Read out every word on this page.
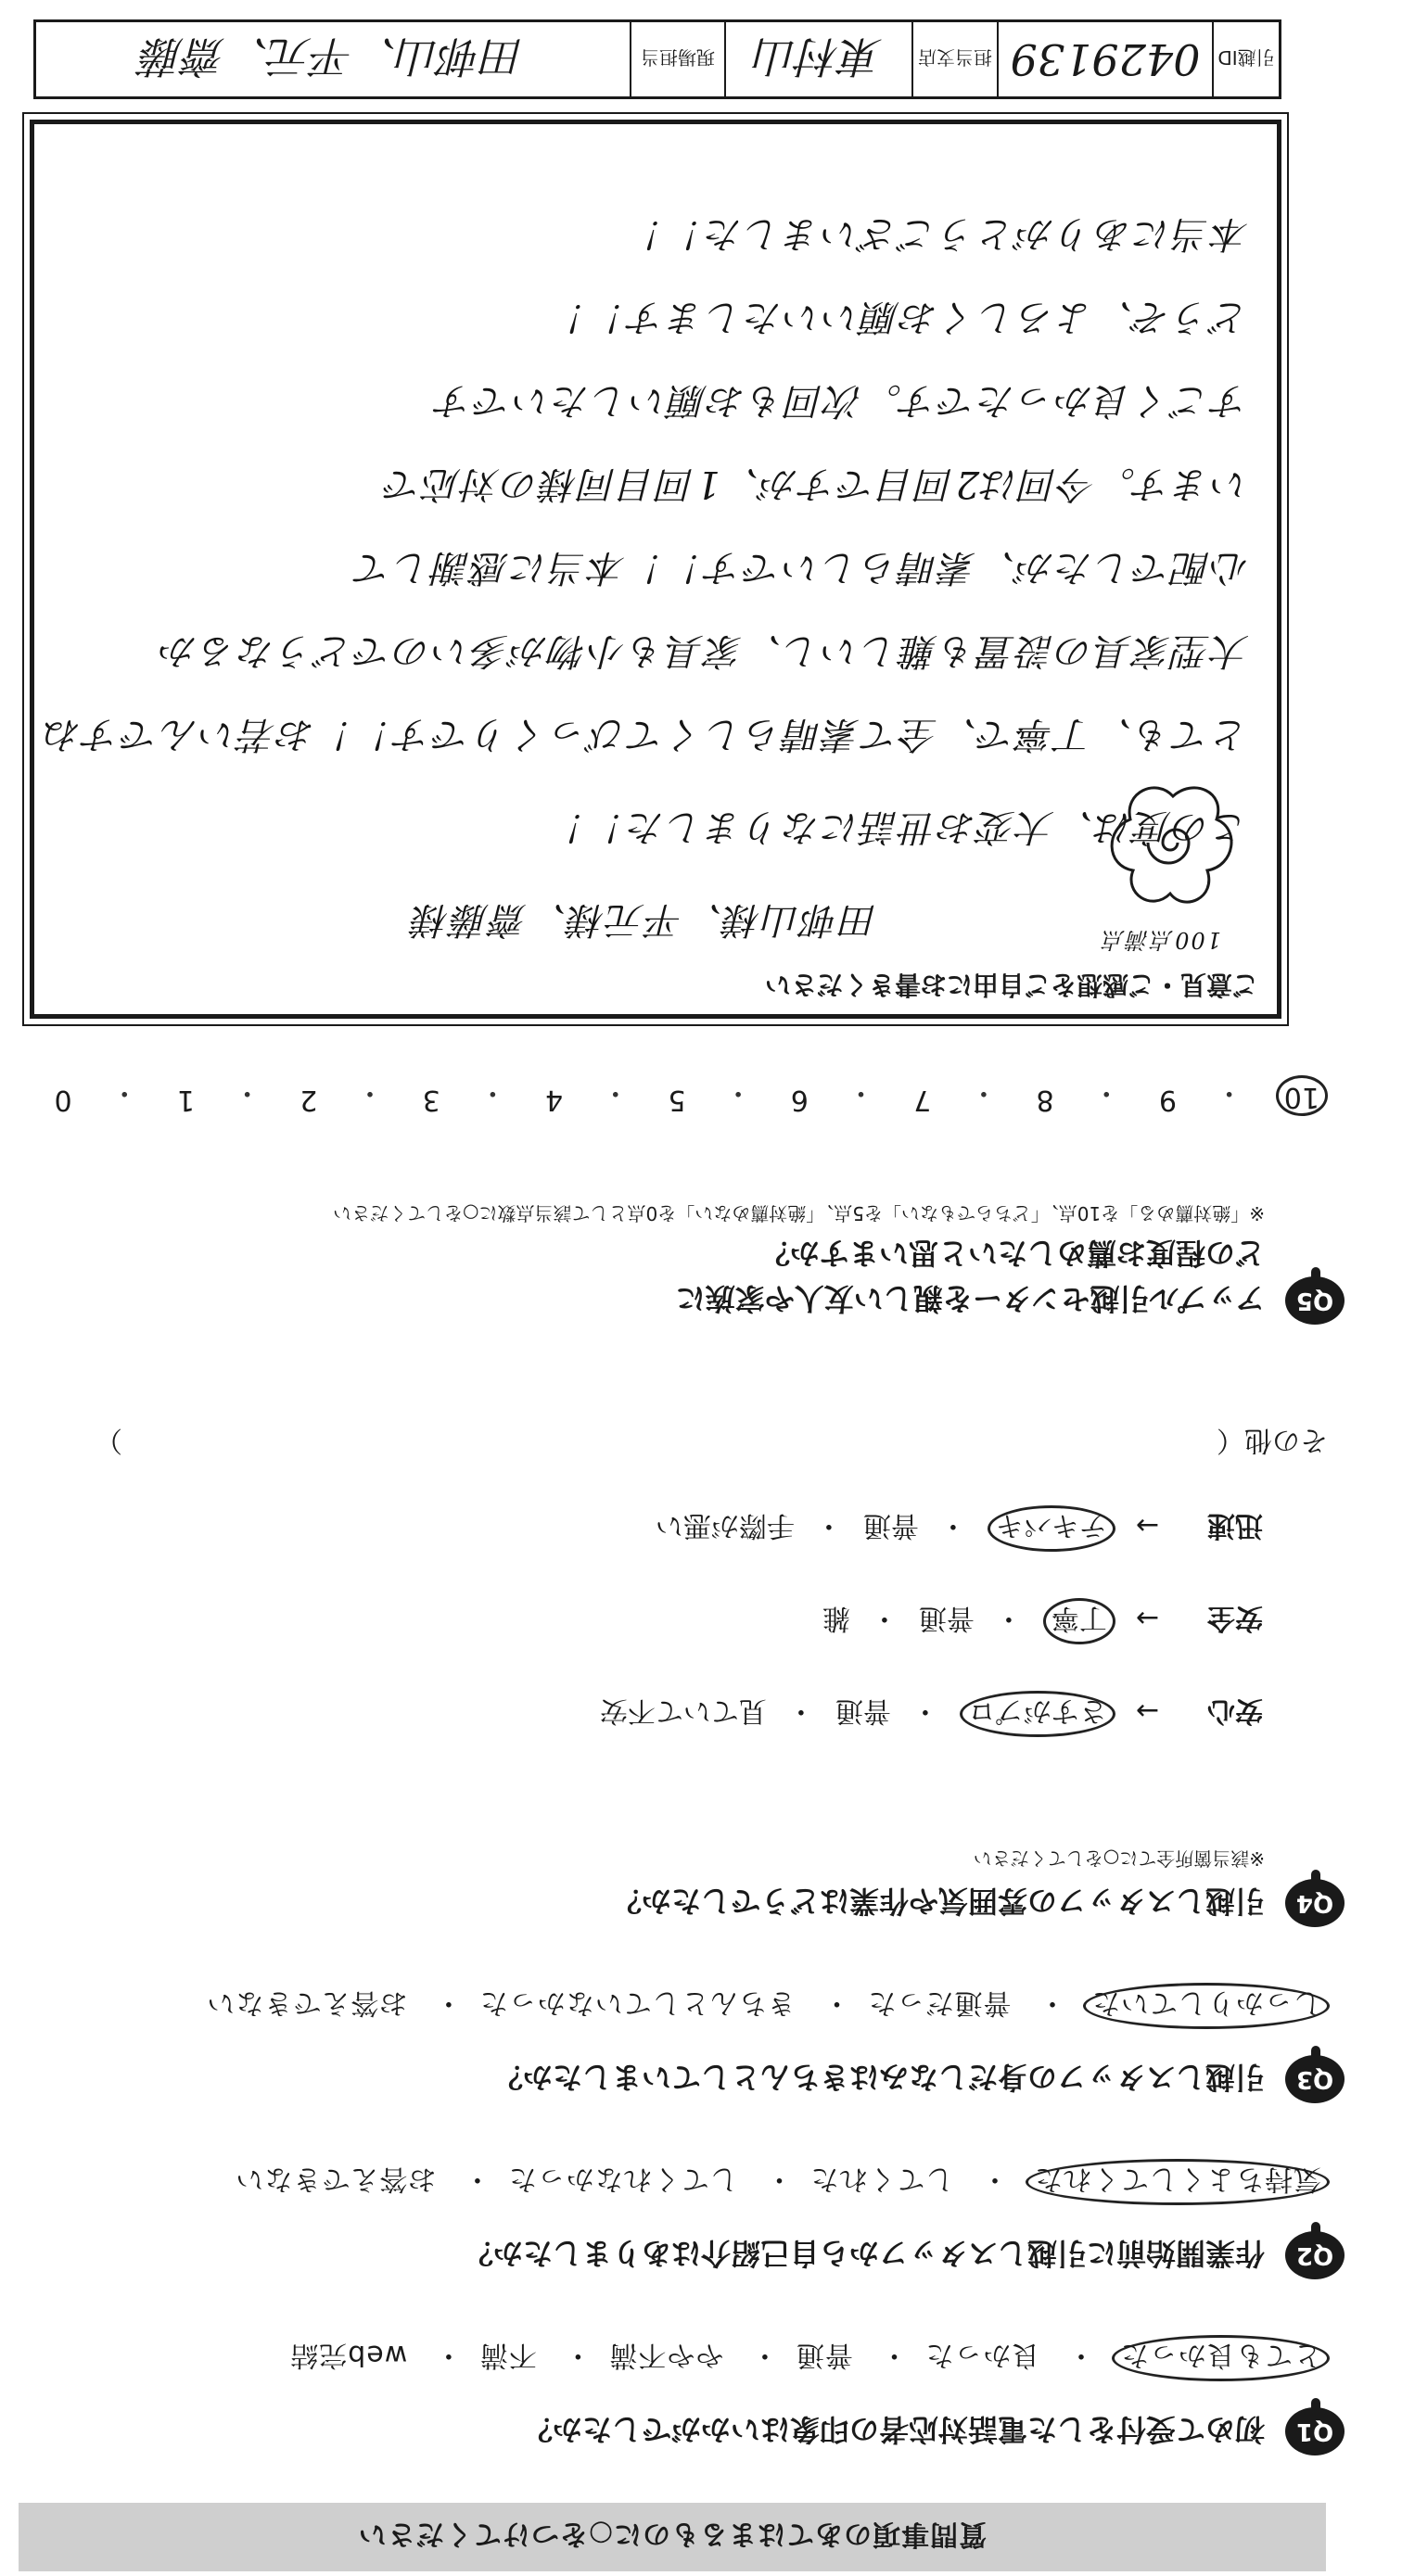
質問事項のあてはまるものに○をつけてください
Q1
初めて受付をした電話対応者の印象はいかがでしたか？
とても良かった・ 良かった・ 普通・ やや不満・ 不満・ web完結
Q2
作業開始前に引越しスタッフから自己紹介はありましたか？
気持ちよくしてくれた・ してくれた・ してくれなかった・ お答えできない
Q3
引越しスタッフの身だしなみはきちんとしていましたか？
しっかりしていた・ 普通だった・ きちんとしていなかった・ お答えできない
Q4
引越しスタッフの雰囲気や作業はどうでしたか？
※該当箇所全てに○をしてください
安心→さすがプロ・普通・見ていて不安
安全→丁寧・普通・雑
迅速→テキパキ・普通・手際が悪い
その他（
）
Q5
アップル引越センターを親しい友人や家族に
どの程度お薦めしたいと思いますか？
※「絶対薦める」を10点、「どちらでもない」を5点、「絶対薦めない」を0点として該当点数に○をしてください
10
・
9
・
8
・
7
・
6
・
5
・
4
・
3
・
2
・
1
・
0
ご意見・ご感想をご自由にお書きください
100点満点
田邨山様、平元様、齋藤様
この度は、大変お世話になりました！！
とても、丁寧で、全て素晴らしくてびっくりです！！お若いんですね
大型家具の設置も難しいし、家具も小物が多いのでどうなるか
心配でしたが、素晴らしいです！！本当に感謝して
います。今回は2回目ですが、1回目同様の対応で
すごく良かったです。次回もお願いしたいです
どうぞ、よろしくお願いいたします！！
本当にありがとうございました！！
引越ID
0429139
担当支店
東村山
現場担当
田邨山、平元、齋藤
